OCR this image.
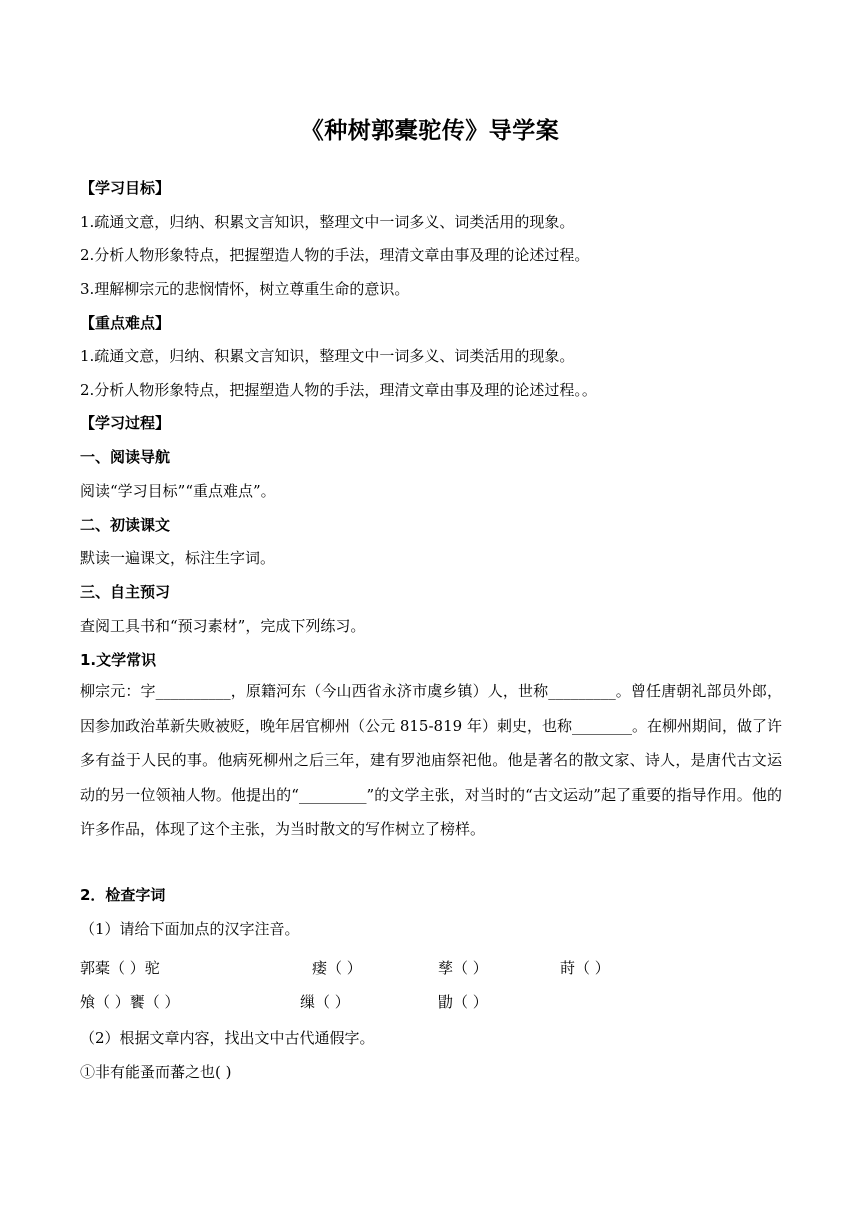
《种树郭橐驼传》导学案
【学习目标】
1.疏通文意，归纳、积累文言知识，整理文中一词多义、词类活用的现象。
2.分析人物形象特点，把握塑造人物的手法，理清文章由事及理的论述过程。
3.理解柳宗元的悲悯情怀，树立尊重生命的意识。
【重点难点】
1.疏通文意，归纳、积累文言知识，整理文中一词多义、词类活用的现象。
2.分析人物形象特点，把握塑造人物的手法，理清文章由事及理的论述过程。。
【学习过程】
一、阅读导航
阅读“学习目标”“重点难点”。
二、初读课文
默读一遍课文，标注生字词。
三、自主预习
查阅工具书和“预习素材”，完成下列练习。
1.文学常识
柳宗元：字__________，原籍河东（今山西省永济市虞乡镇）人，世称_________。曾任唐朝礼部员外郎，因参加政治革新失败被贬，晚年居官柳州（公元 815-819 年）刺史，也称________。在柳州期间，做了许多有益于人民的事。他病死柳州之后三年，建有罗池庙祭祀他。他是著名的散文家、诗人，是唐代古文运动的另一位领袖人物。他提出的“_________”的文学主张，对当时的“古文运动”起了重要的指导作用。他的许多作品，体现了这个主张，为当时散文的写作树立了榜样。
2．检查字词
（1）请给下面加点的汉字注音。
郭橐（ ）驼	瘘（ ）	孳（ ）	莳（ ）
飧（ ）饔（ ）	缫（ ）	勖（ ）
（2）根据文章内容，找出文中古代通假字。
①非有能蚤而蕃之也( )
